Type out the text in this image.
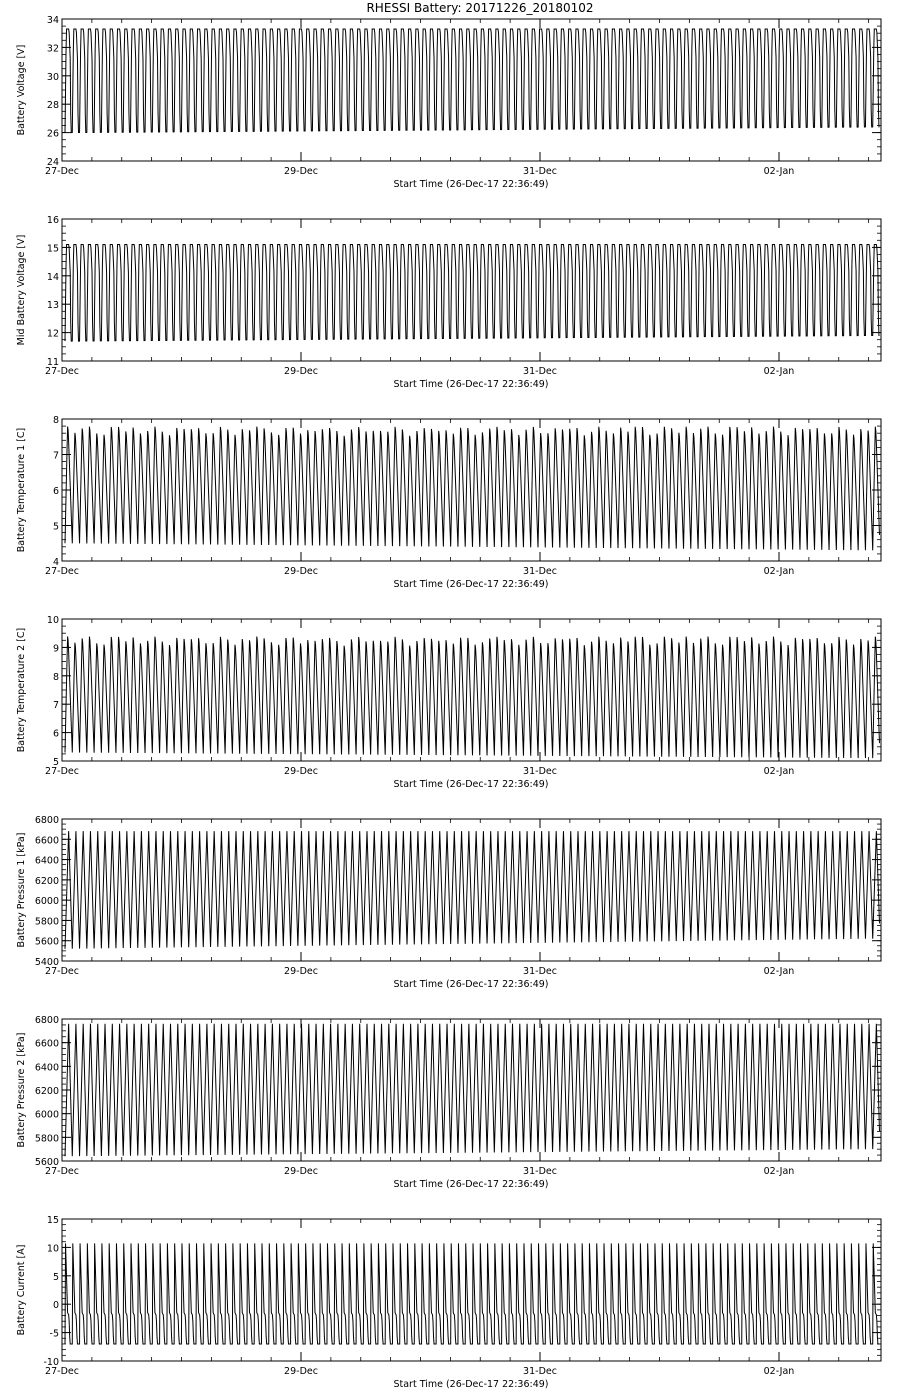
RHESSI Battery: 20171226_20180102
24
26
28
30
32
34
27-Dec	29-Dec	31-Dec	02-Jan
Start Time (26-Dec-17 22:36:49)
Battery Voltage [V]
11
12
13
14
15
16
27-Dec	29-Dec	31-Dec	02-Jan
Start Time (26-Dec-17 22:36:49)
Mid Battery Voltage [V]
4
5
6
7
8
27-Dec	29-Dec	31-Dec	02-Jan
Start Time (26-Dec-17 22:36:49)
Battery Temperature 1 [C]
5
6
7
8
9
10
27-Dec	29-Dec	31-Dec	02-Jan
Start Time (26-Dec-17 22:36:49)
Battery Temperature 2 [C]
5400
5600
5800
6000
6200
6400
6600
6800
27-Dec	29-Dec	31-Dec	02-Jan
Start Time (26-Dec-17 22:36:49)
Battery Pressure 1 [kPa]
5600
5800
6000
6200
6400
6600
6800
27-Dec	29-Dec	31-Dec	02-Jan
Start Time (26-Dec-17 22:36:49)
Battery Pressure 2 [kPa]
-10
-5
0
5
10
15
27-Dec	29-Dec	31-Dec	02-Jan
Start Time (26-Dec-17 22:36:49)
Battery Current [A]
